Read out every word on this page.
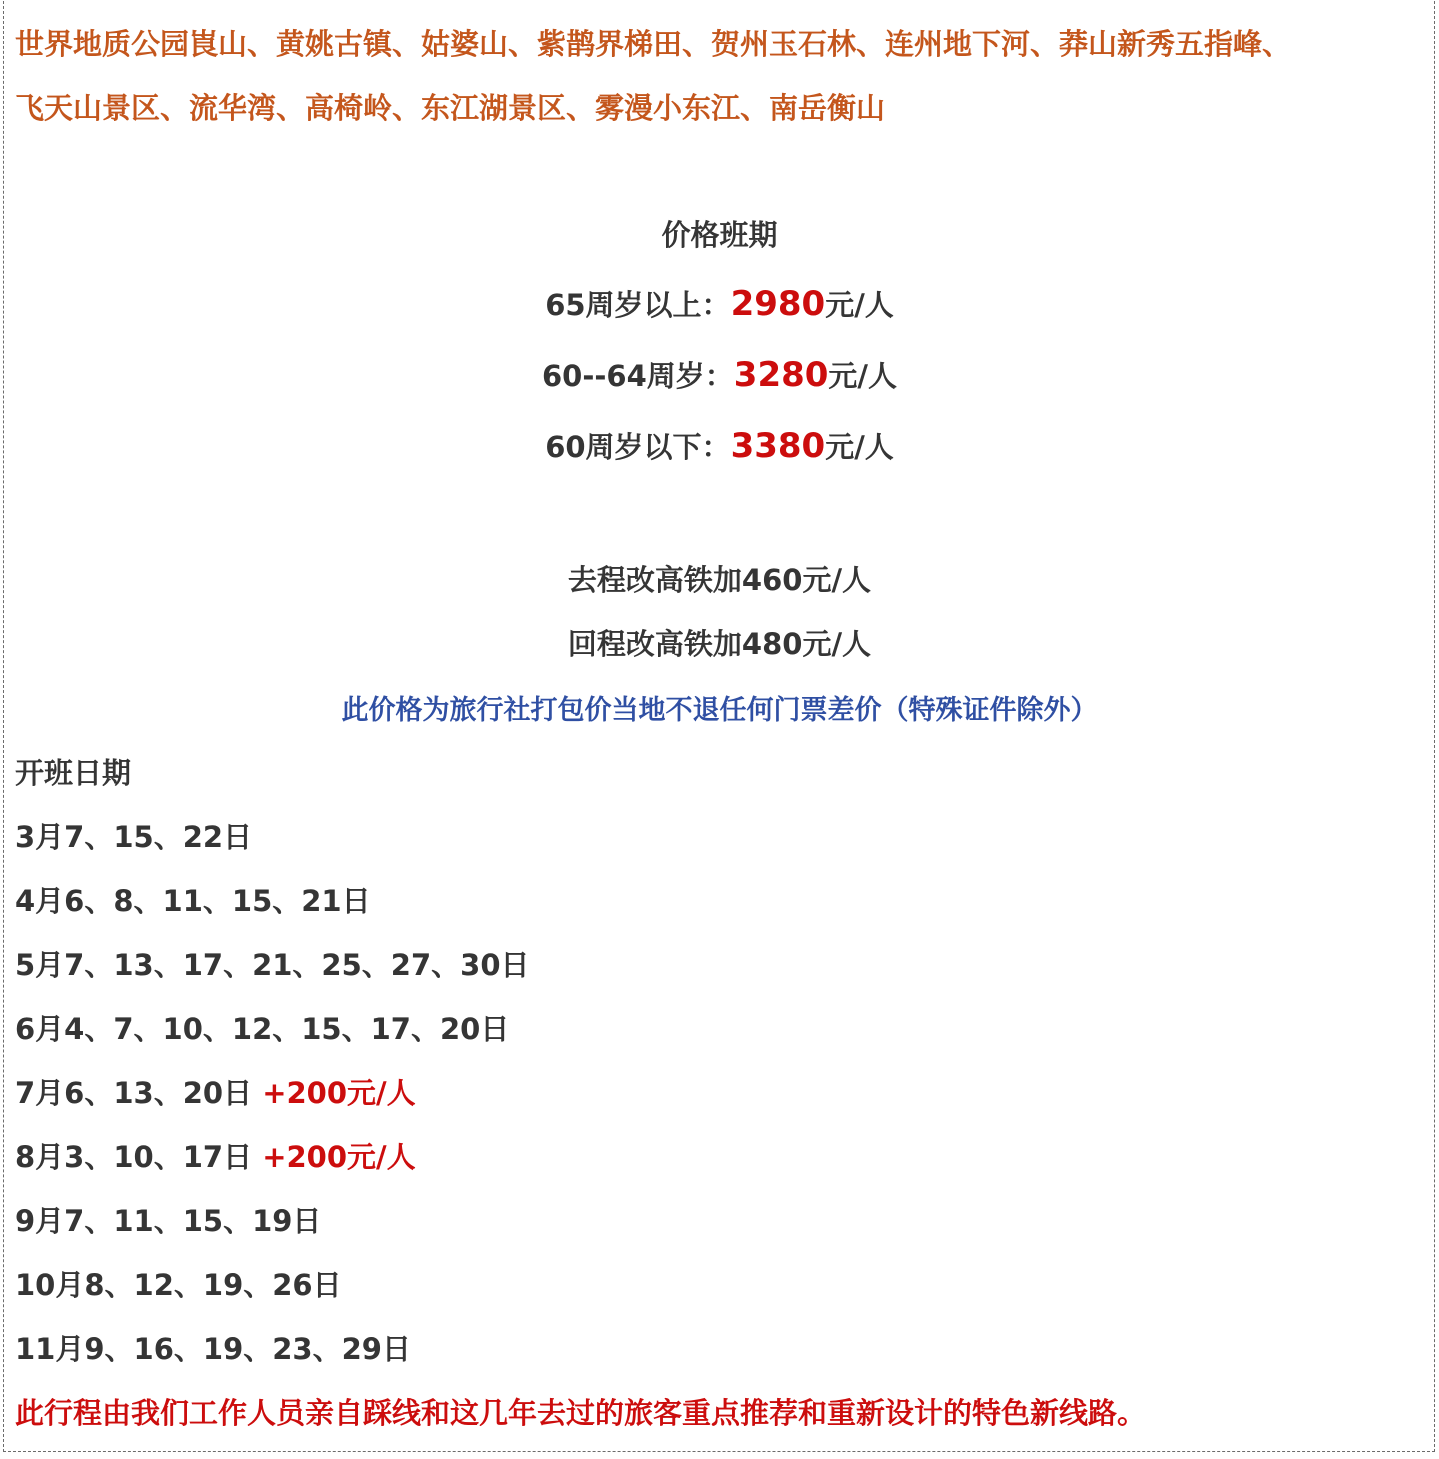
世界地质公园崀山、黄姚古镇、姑婆山、紫鹊界梯田、贺州玉石林、连州地下河、莽山新秀五指峰、
飞天山景区、流华湾、高椅岭、东江湖景区、雾漫小东江、南岳衡山
价格班期
65周岁以上：2980元/人
60--64周岁：3280元/人
60周岁以下：3380元/人
去程改高铁加460元/人
回程改高铁加480元/人
此价格为旅行社打包价当地不退任何门票差价（特殊证件除外）
开班日期
3月7、15、22日
4月6、8、11、15、21日
5月7、13、17、21、25、27、30日
6月4、7、10、12、15、17、20日
7月6、13、20日 +200元/人
8月3、10、17日 +200元/人
9月7、11、15、19日
10月8、12、19、26日
11月9、16、19、23、29日
此行程由我们工作人员亲自踩线和这几年去过的旅客重点推荐和重新设计的特色新线路。
